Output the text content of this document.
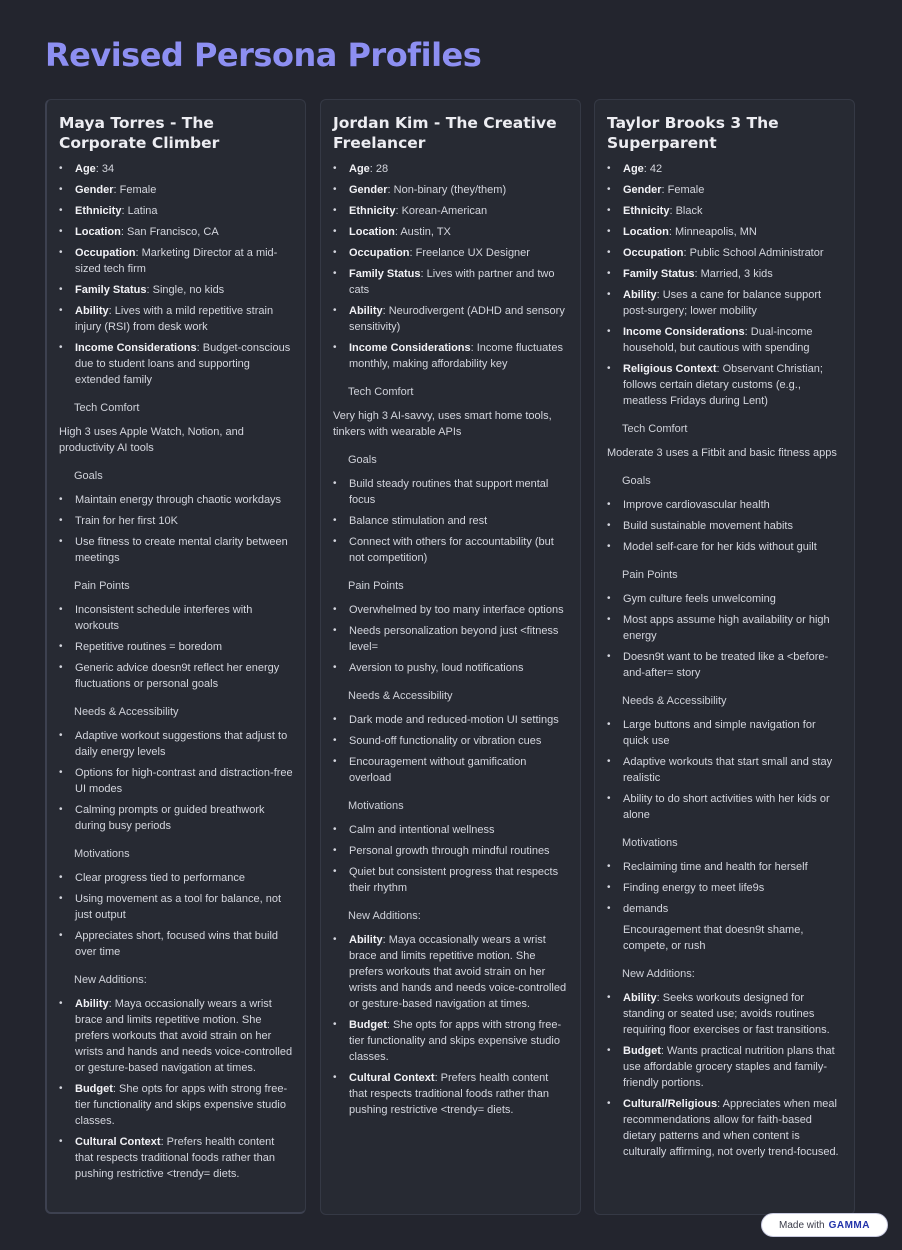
Revised Persona Profiles
Maya Torres - The Corporate Climber
• Age: 34
• Gender: Female
• Ethnicity: Latina
• Location: San Francisco, CA
• Occupation: Marketing Director at a mid-sized tech firm
• Family Status: Single, no kids
• Ability: Lives with a mild repetitive strain injury (RSI) from desk work
• Income Considerations: Budget-conscious due to student loans and supporting extended family
Tech Comfort
High 3 uses Apple Watch, Notion, and productivity AI tools
Goals
• Maintain energy through chaotic workdays
• Train for her first 10K
• Use fitness to create mental clarity between meetings
Pain Points
• Inconsistent schedule interferes with workouts
• Repetitive routines = boredom
• Generic advice doesn9t reflect her energy fluctuations or personal goals
Needs & Accessibility
• Adaptive workout suggestions that adjust to daily energy levels
• Options for high-contrast and distraction-free UI modes
• Calming prompts or guided breathwork during busy periods
Motivations
• Clear progress tied to performance
• Using movement as a tool for balance, not just output
• Appreciates short, focused wins that build over time
New Additions:
• Ability: Maya occasionally wears a wrist brace and limits repetitive motion. She prefers workouts that avoid strain on her wrists and hands and needs voice-controlled or gesture-based navigation at times.
• Budget: She opts for apps with strong free-tier functionality and skips expensive studio classes.
• Cultural Context: Prefers health content that respects traditional foods rather than pushing restrictive <trendy= diets.
Jordan Kim - The Creative Freelancer
• Age: 28
• Gender: Non-binary (they/them)
• Ethnicity: Korean-American
• Location: Austin, TX
• Occupation: Freelance UX Designer
• Family Status: Lives with partner and two cats
• Ability: Neurodivergent (ADHD and sensory sensitivity)
• Income Considerations: Income fluctuates monthly, making affordability key
Tech Comfort
Very high 3 AI-savvy, uses smart home tools, tinkers with wearable APIs
Goals
• Build steady routines that support mental focus
• Balance stimulation and rest
• Connect with others for accountability (but not competition)
Pain Points
• Overwhelmed by too many interface options
• Needs personalization beyond just <fitness level=
• Aversion to pushy, loud notifications
Needs & Accessibility
• Dark mode and reduced-motion UI settings
• Sound-off functionality or vibration cues
• Encouragement without gamification overload
Motivations
• Calm and intentional wellness
• Personal growth through mindful routines
• Quiet but consistent progress that respects their rhythm
New Additions:
• Ability: Maya occasionally wears a wrist brace and limits repetitive motion. She prefers workouts that avoid strain on her wrists and hands and needs voice-controlled or gesture-based navigation at times.
• Budget: She opts for apps with strong free-tier functionality and skips expensive studio classes.
• Cultural Context: Prefers health content that respects traditional foods rather than pushing restrictive <trendy= diets.
Taylor Brooks 3 The Superparent
• Age: 42
• Gender: Female
• Ethnicity: Black
• Location: Minneapolis, MN
• Occupation: Public School Administrator
• Family Status: Married, 3 kids
• Ability: Uses a cane for balance support post-surgery; lower mobility
• Income Considerations: Dual-income household, but cautious with spending
• Religious Context: Observant Christian; follows certain dietary customs (e.g., meatless Fridays during Lent)
Tech Comfort
Moderate 3 uses a Fitbit and basic fitness apps
Goals
• Improve cardiovascular health
• Build sustainable movement habits
• Model self-care for her kids without guilt
Pain Points
• Gym culture feels unwelcoming
• Most apps assume high availability or high energy
• Doesn9t want to be treated like a <before-and-after= story
Needs & Accessibility
• Large buttons and simple navigation for quick use
• Adaptive workouts that start small and stay realistic
• Ability to do short activities with her kids or alone
Motivations
• Reclaiming time and health for herself
• Finding energy to meet life9s
• demands
Encouragement that doesn9t shame, compete, or rush
New Additions:
• Ability: Seeks workouts designed for standing or seated use; avoids routines requiring floor exercises or fast transitions.
• Budget: Wants practical nutrition plans that use affordable grocery staples and family-friendly portions.
• Cultural/Religious: Appreciates when meal recommendations allow for faith-based dietary patterns and when content is culturally affirming, not overly trend-focused.
Made with GAMMA
